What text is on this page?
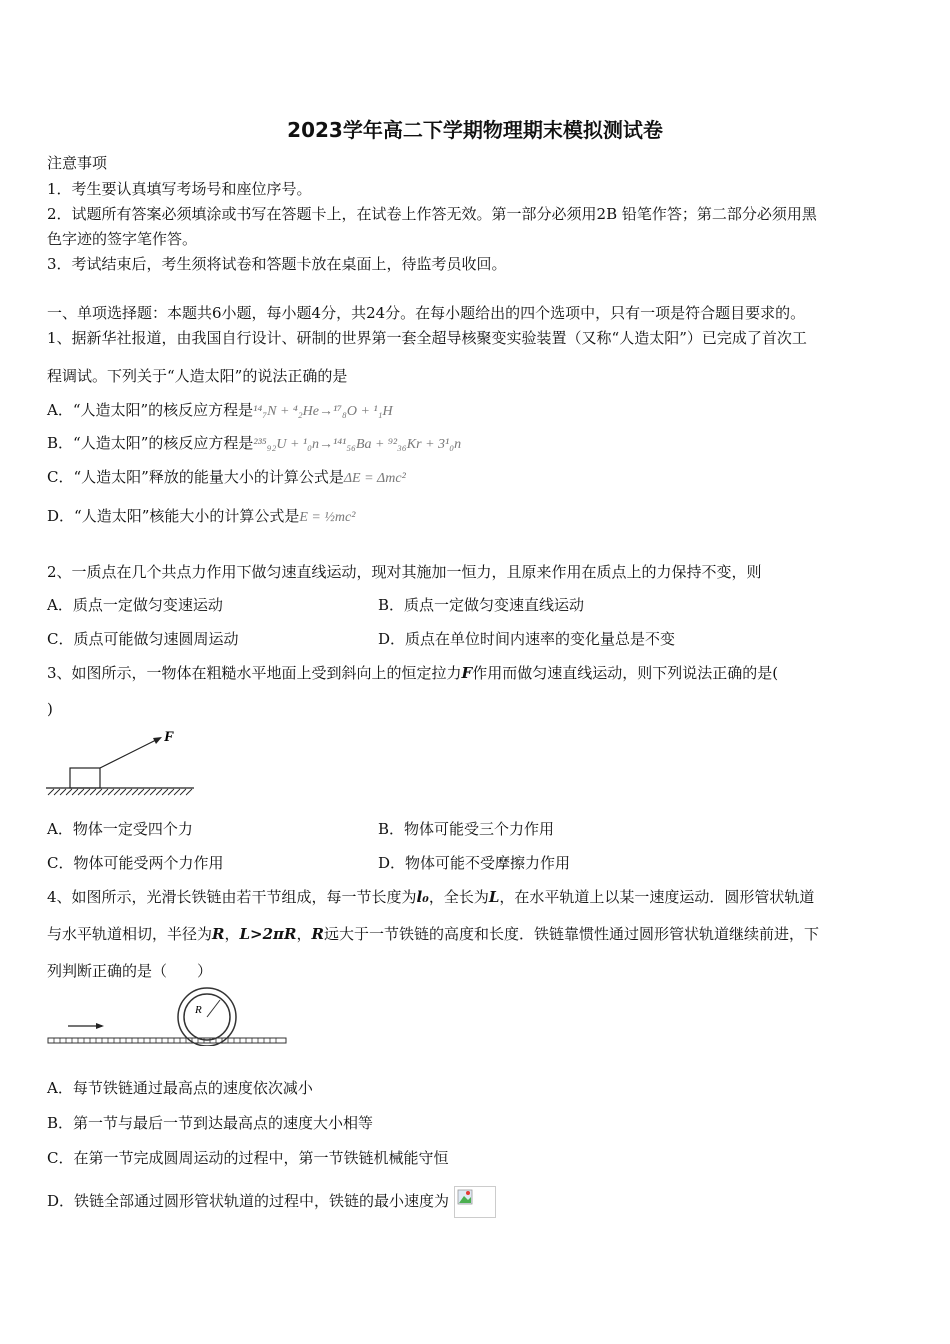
2023学年高二下学期物理期末模拟测试卷
注意事项
1．考生要认真填写考场号和座位序号。
2．试题所有答案必须填涂或书写在答题卡上，在试卷上作答无效。第一部分必须用2B 铅笔作答；第二部分必须用黑
色字迹的签字笔作答。
3．考试结束后，考生须将试卷和答题卡放在桌面上，待监考员收回。
一、单项选择题：本题共6小题，每小题4分，共24分。在每小题给出的四个选项中，只有一项是符合题目要求的。
1、据新华社报道，由我国自行设计、研制的世界第一套全超导核聚变实验装置（又称“人造太阳”）已完成了首次工
程调试。下列关于“人造太阳”的说法正确的是
A．“人造太阳”的核反应方程是¹⁴₇N + ⁴₂He→¹⁷₈O + ¹₁H
B．“人造太阳”的核反应方程是²³⁵₉₂U + ¹₀n→¹⁴¹₅₆Ba + ⁹²₃₆Kr + 3¹₀n
C．“人造太阳”释放的能量大小的计算公式是ΔE = Δmc²
D．“人造太阳”核能大小的计算公式是E = ½mc²
2、一质点在几个共点力作用下做匀速直线运动，现对其施加一恒力，且原来作用在质点上的力保持不变，则
A．质点一定做匀变速运动	B．质点一定做匀变速直线运动
C．质点可能做匀速圆周运动	D．质点在单位时间内速率的变化量总是不变
3、如图所示，一物体在粗糙水平地面上受到斜向上的恒定拉力F作用而做匀速直线运动，则下列说法正确的是(
)
F
A．物体一定受四个力	B．物体可能受三个力作用
C．物体可能受两个力作用	D．物体可能不受摩擦力作用
4、如图所示，光滑长铁链由若干节组成，每一节长度为l₀，全长为L，在水平轨道上以某一速度运动．圆形管状轨道
与水平轨道相切，半径为R，L>2πR，R远大于一节铁链的高度和长度．铁链靠惯性通过圆形管状轨道继续前进，下
列判断正确的是（　　）
R
A．每节铁链通过最高点的速度依次减小
B．第一节与最后一节到达最高点的速度大小相等
C．在第一节完成圆周运动的过程中，第一节铁链机械能守恒
D．铁链全部通过圆形管状轨道的过程中，铁链的最小速度为
